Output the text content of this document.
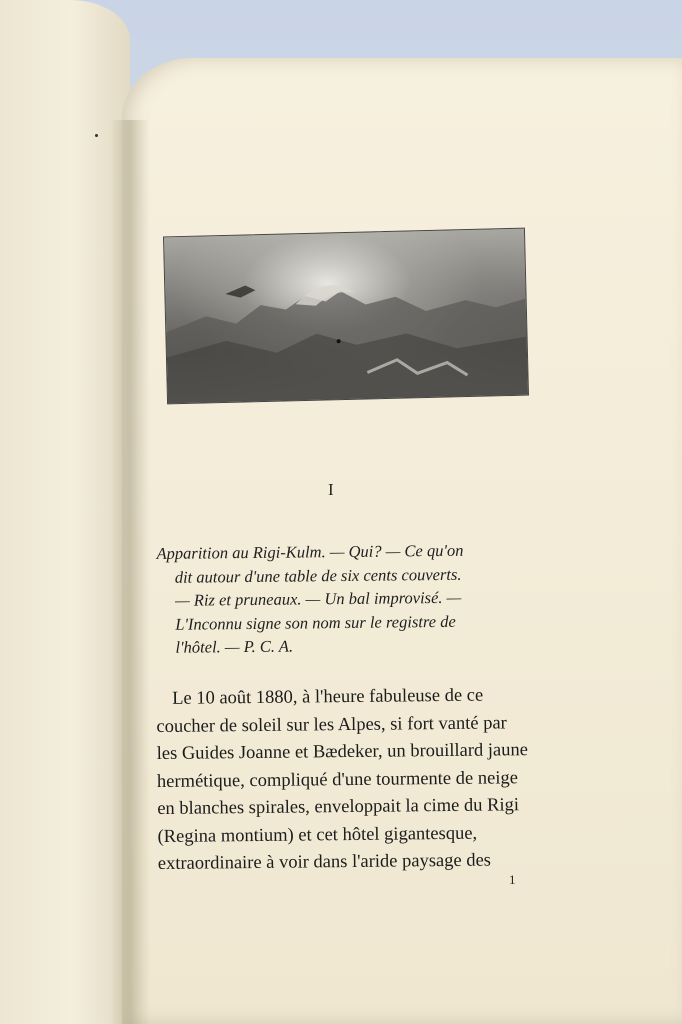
I
Apparition au Rigi-Kulm. — Qui? — Ce qu'on
dit autour d'une table de six cents couverts.
— Riz et pruneaux. — Un bal improvisé. —
L'Inconnu signe son nom sur le registre de
l'hôtel. — P. C. A.
Le 10 août 1880, à l'heure fabuleuse de ce
coucher de soleil sur les Alpes, si fort vanté par
les Guides Joanne et Bædeker, un brouillard jaune
hermétique, compliqué d'une tourmente de neige
en blanches spirales, enveloppait la cime du Rigi
(Regina montium) et cet hôtel gigantesque,
extraordinaire à voir dans l'aride paysage des
1
